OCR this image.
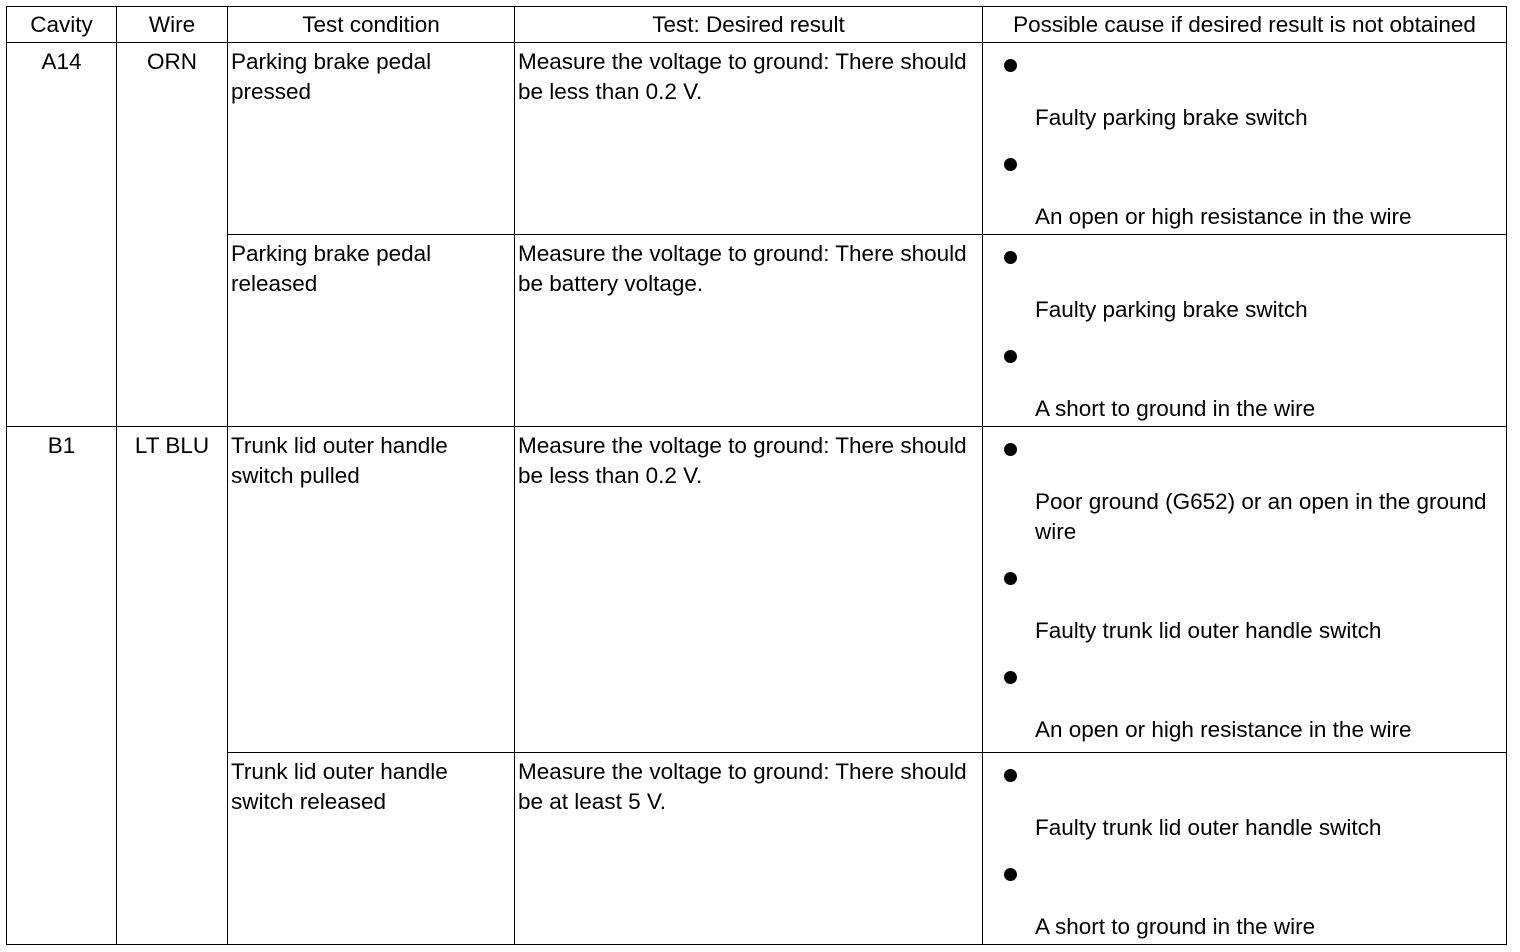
Cavity	Wire	Test condition	Test: Desired result	Possible cause if desired result is not obtained
A14	ORN	Parking brake pedal pressed	Measure the voltage to ground: There should be less than 0.2 V.	Faulty parking brake switch
An open or high resistance in the wire

		Parking brake pedal released	Measure the voltage to ground: There should be battery voltage.	Faulty parking brake switch
A short to ground in the wire

B1	LT BLU	Trunk lid outer handle switch pulled	Measure the voltage to ground: There should be less than 0.2 V.	Poor ground (G652) or an open in the ground wire
Faulty trunk lid outer handle switch
An open or high resistance in the wire

		Trunk lid outer handle switch released	Measure the voltage to ground: There should be at least 5 V.	Faulty trunk lid outer handle switch
A short to ground in the wire
